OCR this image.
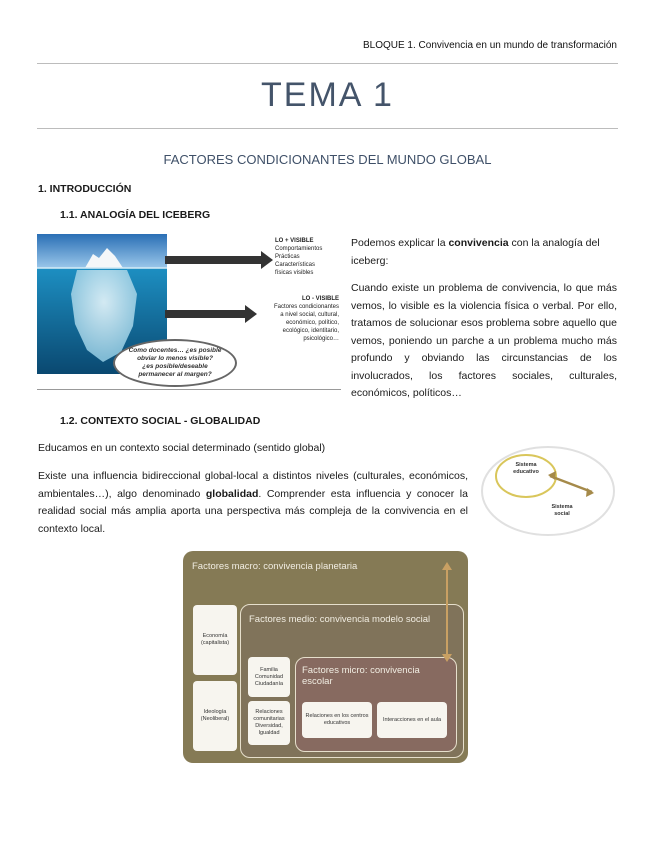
BLOQUE 1. Convivencia en un mundo de transformación
TEMA 1
FACTORES CONDICIONANTES DEL MUNDO GLOBAL
1. INTRODUCCIÓN
1.1. ANALOGÍA DEL ICEBERG
LO + VISIBLE
Comportamientos
Prácticas
Características
físicas visibles
LO - VISIBLE
Factores condicionantes
a nivel social, cultural,
económico, político,
ecológico, identitario,
psicológico…
Como docentes… ¿es posible
obviar lo menos visible?
¿es posible/deseable
permanecer al margen?
Podemos explicar la convivencia con la analogía del iceberg:
Cuando existe un problema de convivencia, lo que más vemos, lo visible es la violencia física o verbal. Por ello, tratamos de solucionar esos problema sobre aquello que vemos, poniendo un parche a un problema mucho más profundo y obviando las circunstancias de los involucrados, los factores sociales, culturales, económicos, políticos…
1.2. CONTEXTO SOCIAL - GLOBALIDAD
Educamos en un contexto social determinado (sentido global)
Existe una influencia bidireccional global-local a distintos niveles (culturales, económicos, ambientales…), algo denominado globalidad. Comprender esta influencia y conocer la realidad social más amplia aporta una perspectiva más compleja de la convivencia en el contexto local.
Sistema
educativo
Sistema
social
Factores macro: convivencia planetaria
Economía
(capitalista)
Ideología
(Neoliberal)
Factores medio: convivencia modelo social
Familia
Comunidad
Ciudadanía
Relaciones
comunitarias
Diversidad,
Igualdad
Factores micro: convivencia
escolar
Relaciones en los centros
educativos
Interacciones en el aula
